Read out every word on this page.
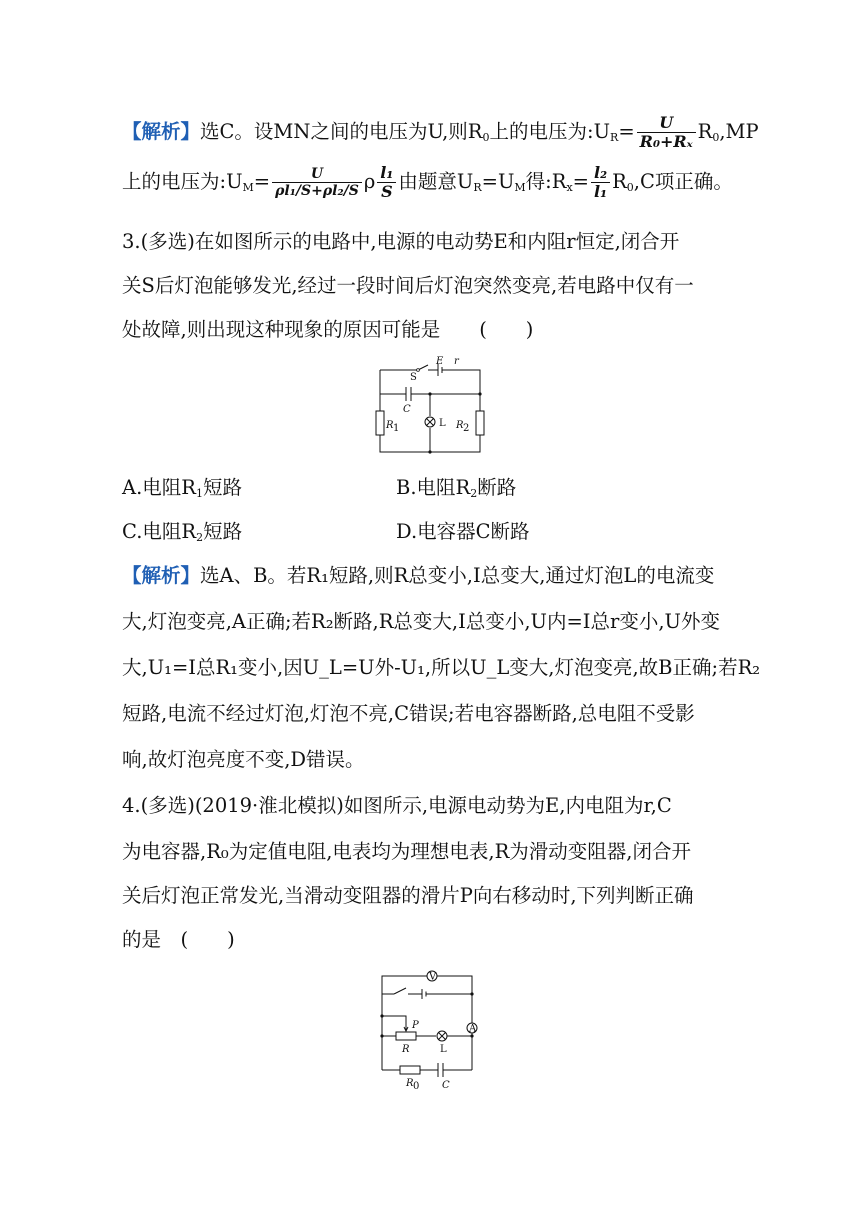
【解析】选C。设MN之间的电压为U,则$R_0$上的电压为$:U_R= \frac{U}{\text{R₀+Rₓ}} R_0,MP$
上的电压为$:U_M= \frac{U}{\text{ρl₁/S+ρl₂/S}}$ ρ $\frac{\text{l₁}}{S}$ 由题意$U_R=U_M$得$:R_x= \frac{\text{l₂}}{\text{l₁}} R_0,C$项正确。
3.(多选)在如图所示的电路中,电源的电动势E和内阻r恒定,闭合开
关S后灯泡能够发光,经过一段时间后灯泡突然变亮,若电路中仅有一
处故障,则出现这种现象的原因可能是　　(　　)
S
E r
C
R 1	L R 2
A.电阻$R_1$短路	B.电阻$R_2$断路
C.电阻$R_2$短路	D.电容器C断路
【解析】选A、B。若R₁短路,则R总变小,I总变大,通过灯泡L的电流变
大,灯泡变亮,A正确;若R₂断路,R总变大,I总变小,U内=I总r变小,U外变
大,U₁=I总R₁变小,因U_L=U外-U₁,所以U_L变大,灯泡变亮,故B正确;若R₂
短路,电流不经过灯泡,灯泡不亮,C错误;若电容器断路,总电阻不受影
响,故灯泡亮度不变,D错误。
4.(多选)(2019·淮北模拟)如图所示,电源电动势为E,内电阻为r,C
为电容器,R₀为定值电阻,电表均为理想电表,R为滑动变阻器,闭合开
关后灯泡正常发光,当滑动变阻器的滑片P向右移动时,下列判断正确
的是　(　　)
V
A
P
R	L
R 0 C
